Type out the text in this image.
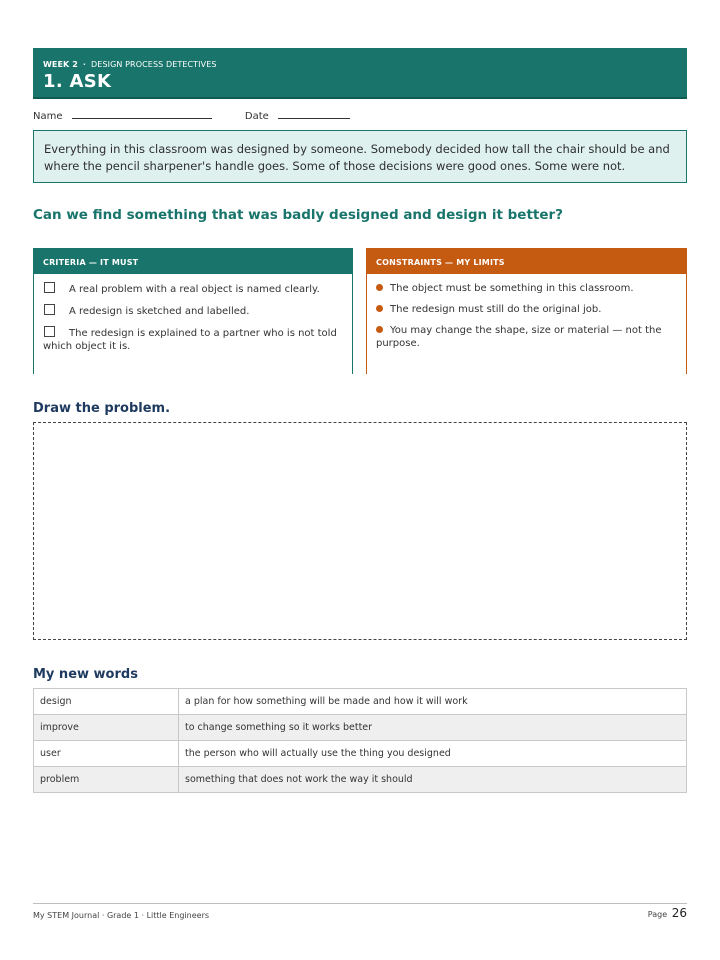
WEEK 2 · DESIGN PROCESS DETECTIVES
1. ASK
Name	Date
Everything in this classroom was designed by someone. Somebody decided how tall the chair should be and where the pencil sharpener's handle goes. Some of those decisions were good ones. Some were not.
Can we find something that was badly designed and design it better?
CRITERIA — IT MUST
A real problem with a real object is named clearly.
A redesign is sketched and labelled.
The redesign is explained to a partner who is not told which object it is.
CONSTRAINTS — MY LIMITS
The object must be something in this classroom.
The redesign must still do the original job.
You may change the shape, size or material — not the purpose.
Draw the problem.
My new words
design	a plan for how something will be made and how it will work
improve	to change something so it works better
user	the person who will actually use the thing you designed
problem	something that does not work the way it should
My STEM Journal · Grade 1 · Little Engineers	Page 26
